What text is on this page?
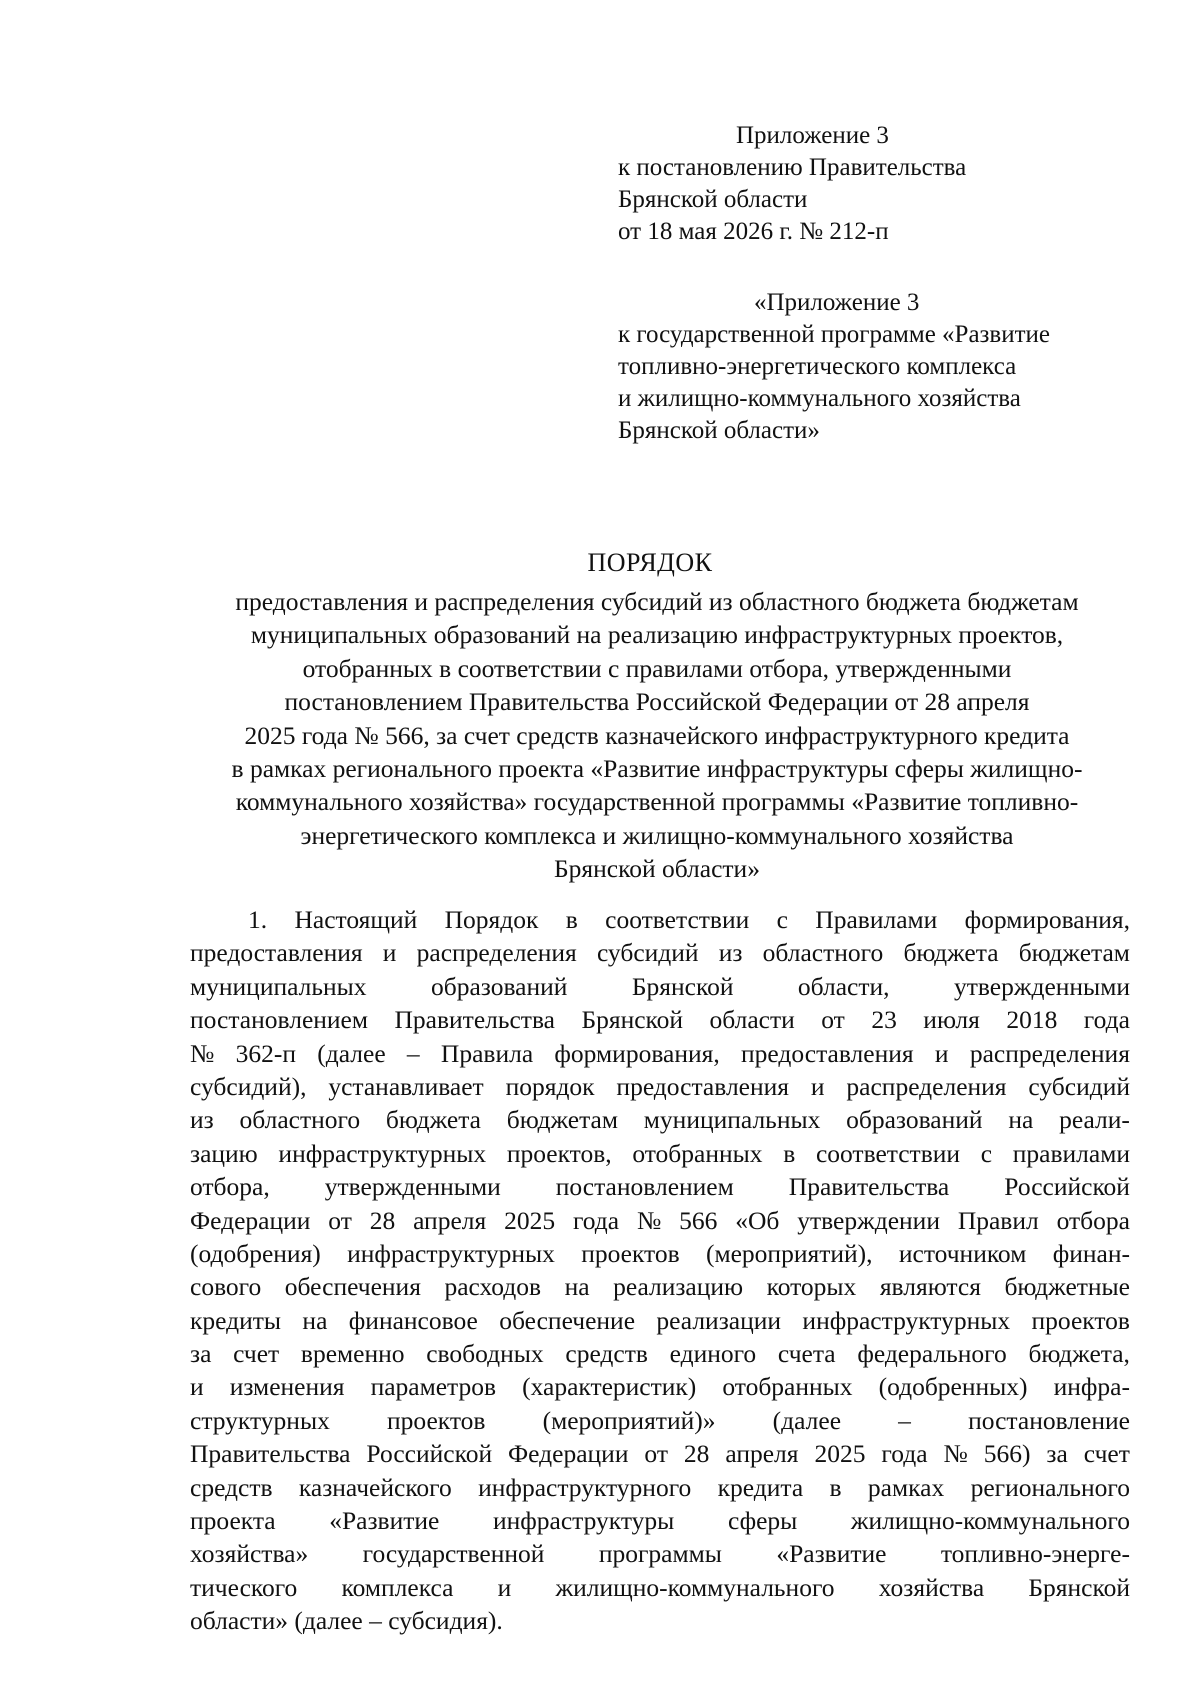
Приложение 3
к постановлению Правительства
Брянской области
от 18 мая 2026 г. № 212-п
«Приложение 3
к государственной программе «Развитие
топливно-энергетического комплекса
и жилищно-коммунального хозяйства
Брянской области»
ПОРЯДОК
предоставления и распределения субсидий из областного бюджета бюджетам
муниципальных образований на реализацию инфраструктурных проектов,
отобранных в соответствии с правилами отбора, утвержденными
постановлением Правительства Российской Федерации от 28 апреля
2025 года № 566, за счет средств казначейского инфраструктурного кредита
в рамках регионального проекта «Развитие инфраструктуры сферы жилищно-
коммунального хозяйства» государственной программы «Развитие топливно-
энергетического комплекса и жилищно-коммунального хозяйства
Брянской области»
1. Настоящий Порядок в соответствии с Правилами формирования,
предоставления и распределения субсидий из областного бюджета бюджетам
муниципальных	образований	Брянской	области,	утвержденными
постановлением Правительства Брянской области от 23 июля 2018 года
№ 362-п (далее – Правила формирования, предоставления и распределения
субсидий), устанавливает порядок предоставления и распределения субсидий
из областного бюджета бюджетам муниципальных образований на реали-
зацию инфраструктурных проектов, отобранных в соответствии с правилами
отбора, утвержденными постановлением Правительства Российской
Федерации от 28 апреля 2025 года № 566 «Об утверждении Правил отбора
(одобрения) инфраструктурных проектов (мероприятий), источником финан-
сового обеспечения расходов на реализацию которых являются бюджетные
кредиты на финансовое обеспечение реализации инфраструктурных проектов
за счет временно свободных средств единого счета федерального бюджета,
и изменения параметров (характеристик) отобранных (одобренных) инфра-
структурных проектов (мероприятий)» (далее – постановление
Правительства Российской Федерации от 28 апреля 2025 года № 566) за счет
средств казначейского инфраструктурного кредита в рамках регионального
проекта «Развитие инфраструктуры сферы жилищно-коммунального
хозяйства» государственной программы «Развитие топливно-энерге-
тического комплекса и жилищно-коммунального хозяйства Брянской
области» (далее – субсидия).
